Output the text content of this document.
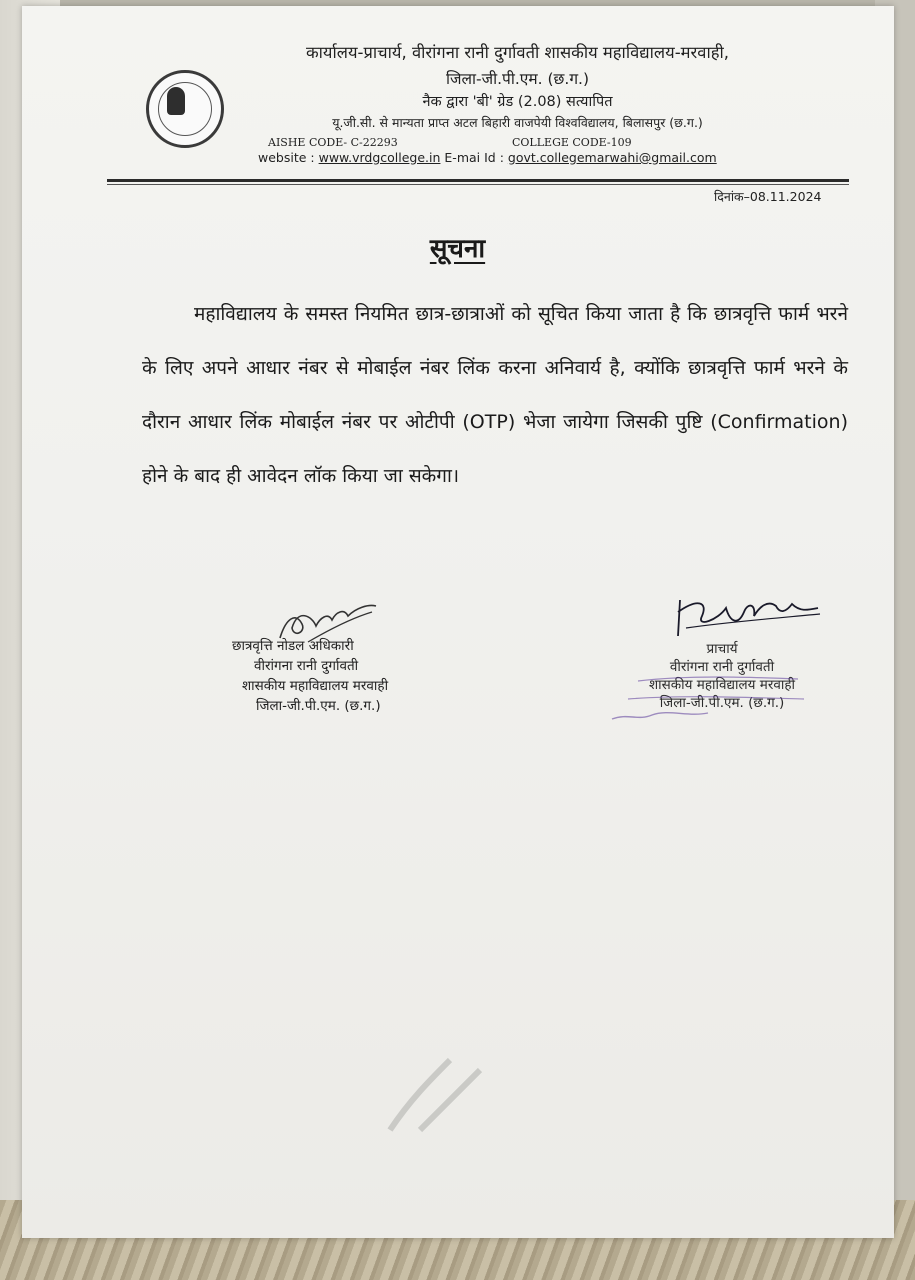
कार्यालय-प्राचार्य, वीरांगना रानी दुर्गावती शासकीय महाविद्यालय-मरवाही,
जिला-जी.पी.एम. (छ.ग.)
नैक द्वारा 'बी' ग्रेड (2.08) सत्यापित
यू.जी.सी. से मान्यता प्राप्त अटल बिहारी वाजपेयी विश्वविद्यालय, बिलासपुर (छ.ग.)
AISHE CODE- C-22293	COLLEGE CODE-109
website : www.vrdgcollege.in E-mai Id : govt.collegemarwahi@gmail.com
दिनांक–08.11.2024
सूचना

महाविद्यालय के समस्त नियमित छात्र-छात्राओं को सूचित किया जाता है कि छात्रवृत्ति फार्म भरने के लिए अपने आधार नंबर से मोबाईल नंबर लिंक करना अनिवार्य है, क्योंकि छात्रवृत्ति फार्म भरने के दौरान आधार लिंक मोबाईल नंबर पर ओटीपी (OTP) भेजा जायेगा जिसकी पुष्टि (Confirmation) होने के बाद ही आवेदन लॉक किया जा सकेगा।

छात्रवृत्ति नोडल अधिकारी
वीरांगना रानी दुर्गावती
शासकीय महाविद्यालय मरवाही
जिला-जी.पी.एम. (छ.ग.)
प्राचार्य
वीरांगना रानी दुर्गावती
शासकीय महाविद्यालय मरवाही
जिला-जी.पी.एम. (छ.ग.)
